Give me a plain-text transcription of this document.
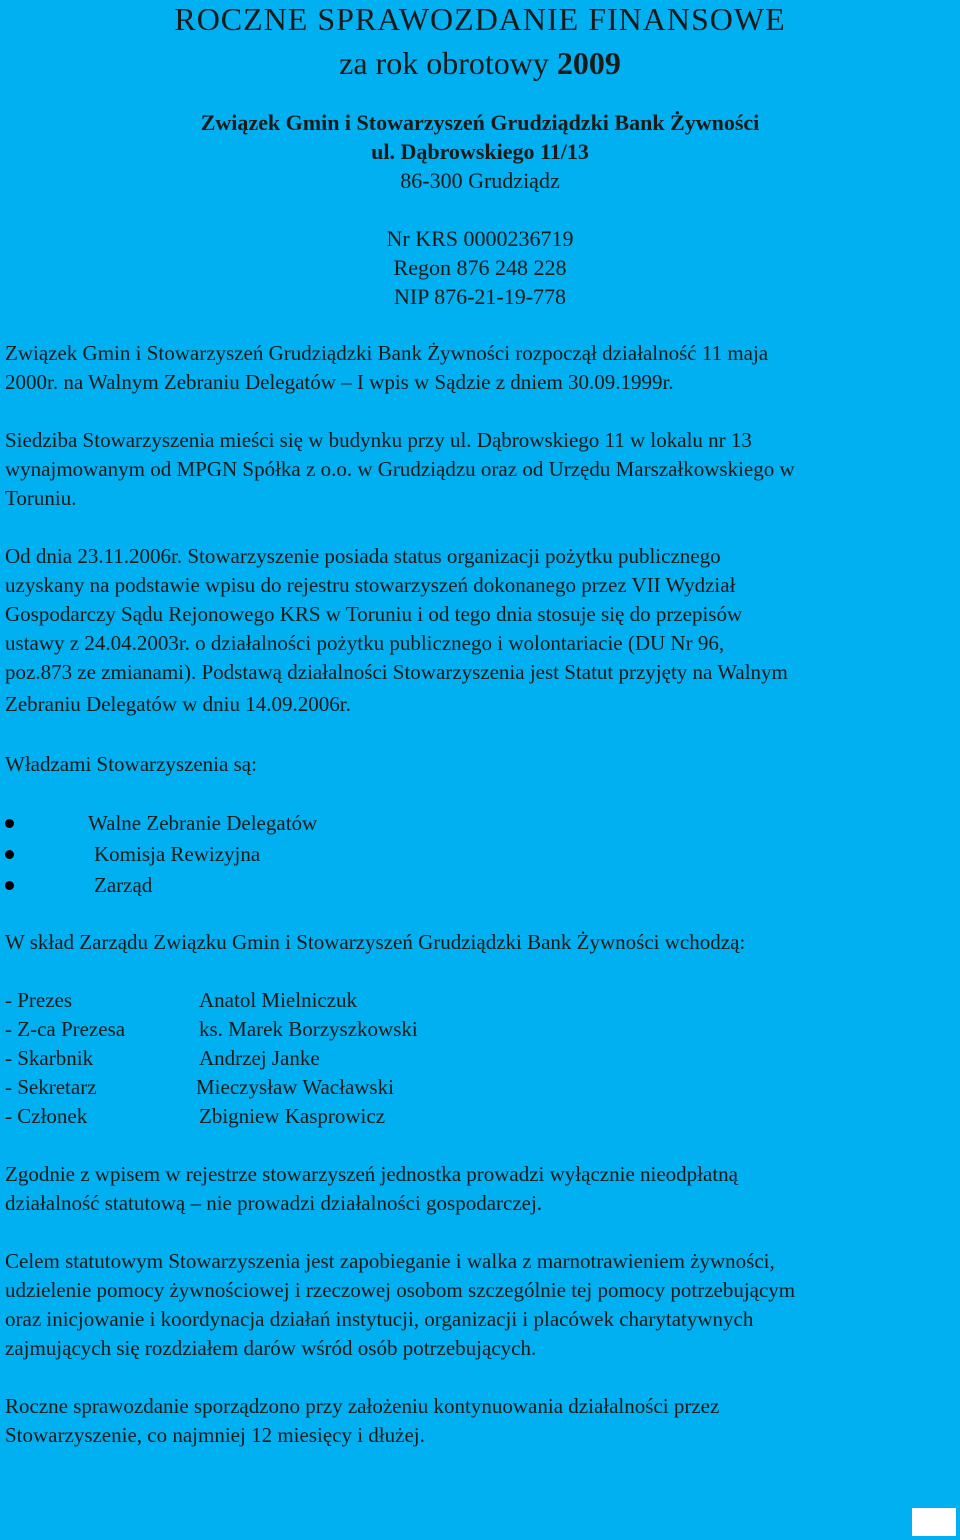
ROCZNE SPRAWOZDANIE FINANSOWE
za rok obrotowy 2009
Związek Gmin i Stowarzyszeń Grudziądzki Bank Żywności
ul. Dąbrowskiego 11/13
86-300 Grudziądz
Nr KRS 0000236719
Regon 876 248 228
NIP 876-21-19-778
Związek Gmin i Stowarzyszeń Grudziądzki Bank Żywności rozpoczął działalność 11 maja
2000r. na Walnym Zebraniu Delegatów – I wpis w Sądzie z dniem 30.09.1999r.
Siedziba Stowarzyszenia mieści się w budynku przy ul. Dąbrowskiego 11 w lokalu nr 13
wynajmowanym od MPGN Spółka z o.o. w Grudziądzu oraz od Urzędu Marszałkowskiego w
Toruniu.
Od dnia 23.11.2006r. Stowarzyszenie posiada status organizacji pożytku publicznego
uzyskany na podstawie wpisu do rejestru stowarzyszeń dokonanego przez VII Wydział
Gospodarczy Sądu Rejonowego KRS w Toruniu i od tego dnia stosuje się do przepisów
ustawy z 24.04.2003r. o działalności pożytku publicznego i wolontariacie (DU Nr 96,
poz.873 ze zmianami). Podstawą działalności Stowarzyszenia jest Statut przyjęty na Walnym
Zebraniu Delegatów w dniu 14.09.2006r.
Władzami Stowarzyszenia są:
Walne Zebranie Delegatów
Komisja Rewizyjna
Zarząd
W skład Zarządu Związku Gmin i Stowarzyszeń Grudziądzki Bank Żywności wchodzą:
- Prezes	Anatol Mielniczuk
- Z-ca Prezesa	ks. Marek Borzyszkowski
- Skarbnik	Andrzej Janke
- Sekretarz	Mieczysław Wacławski
- Członek	Zbigniew Kasprowicz
Zgodnie z wpisem w rejestrze stowarzyszeń jednostka prowadzi wyłącznie nieodpłatną
działalność statutową – nie prowadzi działalności gospodarczej.
Celem statutowym Stowarzyszenia jest zapobieganie i walka z marnotrawieniem żywności,
udzielenie pomocy żywnościowej i rzeczowej osobom szczególnie tej pomocy potrzebującym
oraz inicjowanie i koordynacja działań instytucji, organizacji i placówek charytatywnych
zajmujących się rozdziałem darów wśród osób potrzebujących.
Roczne sprawozdanie sporządzono przy założeniu kontynuowania działalności przez
Stowarzyszenie, co najmniej 12 miesięcy i dłużej.
